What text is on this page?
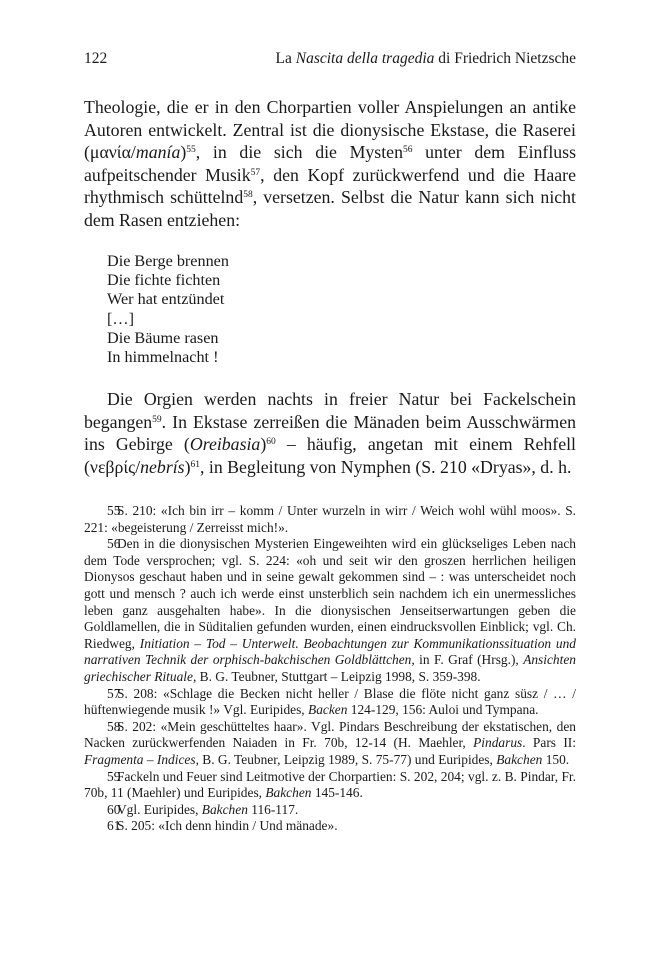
122	La Nascita della tragedia di Friedrich Nietzsche

Theologie, die er in den Chorpartien voller Anspielungen an antike Autoren entwickelt. Zentral ist die dionysische Ekstase, die Raserei (μανία/manía)$^{55}$, in die sich die Mysten$^{56}$ unter dem Einfluss aufpeitschender Musik$^{57}$, den Kopf zurückwerfend und die Haare rhythmisch schüttelnd$^{58}$, versetzen. Selbst die Natur kann sich nicht dem Rasen entziehen:

Die Berge brennen
Die fichte fichten
Wer hat entzündet
[…]
Die Bäume rasen
In himmelnacht !

Die Orgien werden nachts in freier Natur bei Fackelschein begangen$^{59}$. In Ekstase zerreißen die Mänaden beim Ausschwärmen ins Gebirge (Oreibasia)$^{60}$ – häufig, angetan mit einem Rehfell (νεβρίς/nebrís)$^{61}$, in Begleitung von Nymphen (S. 210 «Dryas», d. h.

55S. 210: «Ich bin irr – komm / Unter wurzeln in wirr / Weich wohl wühl moos». S. 221: «begeisterung / Zerreisst mich!».

56Den in die dionysischen Mysterien Eingeweihten wird ein glückseliges Leben nach dem Tode versprochen; vgl. S. 224: «oh und seit wir den groszen herrlichen heiligen Dionysos geschaut haben und in seine gewalt gekommen sind – : was unterscheidet noch gott und mensch ? auch ich werde einst unsterblich sein nachdem ich ein unermessliches leben ganz ausgehalten habe». In die dionysischen Jenseitserwartungen geben die Goldlamellen, die in Süditalien gefunden wurden, einen eindrucksvollen Einblick; vgl. Ch. Riedweg, Initiation – Tod – Unterwelt. Beobachtungen zur Kommunikationssituation und narrativen Technik der orphisch-bakchischen Goldblättchen, in F. Graf (Hrsg.), Ansichten griechischer Rituale, B. G. Teubner, Stuttgart – Leipzig 1998, S. 359-398.

57S. 208: «Schlage die Becken nicht heller / Blase die flöte nicht ganz süsz / … / hüftenwiegende musik !» Vgl. Euripides, Backen 124-129, 156: Auloi und Tympana.

58S. 202: «Mein geschütteltes haar». Vgl. Pindars Beschreibung der ekstatischen, den Nacken zurückwerfenden Naiaden in Fr. 70b, 12-14 (H. Maehler, Pindarus. Pars II: Fragmenta – Indices, B. G. Teubner, Leipzig 1989, S. 75-77) und Euripides, Bakchen 150.

59Fackeln und Feuer sind Leitmotive der Chorpartien: S. 202, 204; vgl. z. B. Pindar, Fr. 70b, 11 (Maehler) und Euripides, Bakchen 145-146.

60Vgl. Euripides, Bakchen 116-117.

61S. 205: «Ich denn hindin / Und mänade».
